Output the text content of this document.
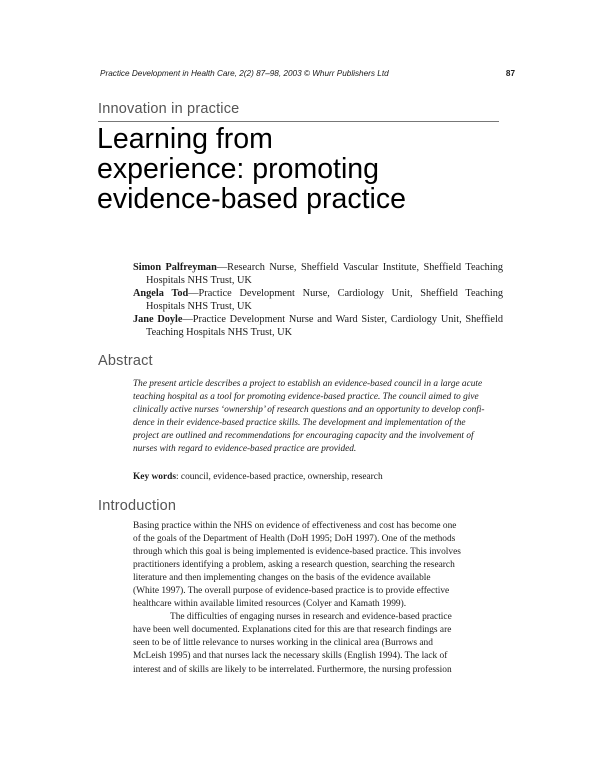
Practice Development in Health Care, 2(2) 87–98, 2003 © Whurr Publishers Ltd	87
Innovation in practice
Learning from
experience: promoting
evidence-based practice
Simon Palfreyman—Research Nurse, Sheffield Vascular Institute, Sheffield Teaching Hospitals NHS Trust, UK
Angela Tod—Practice Development Nurse, Cardiology Unit, Sheffield Teaching Hospitals NHS Trust, UK
Jane Doyle—Practice Development Nurse and Ward Sister, Cardiology Unit, Sheffield Teaching Hospitals NHS Trust, UK
Abstract
The present article describes a project to establish an evidence-based council in a large acute
teaching hospital as a tool for promoting evidence-based practice. The council aimed to give
clinically active nurses ‘ownership’ of research questions and an opportunity to develop confi-
dence in their evidence-based practice skills. The development and implementation of the
project are outlined and recommendations for encouraging capacity and the involvement of
nurses with regard to evidence-based practice are provided.
Key words: council, evidence-based practice, ownership, research
Introduction
Basing practice within the NHS on evidence of effectiveness and cost has become one
of the goals of the Department of Health (DoH 1995; DoH 1997). One of the methods
through which this goal is being implemented is evidence-based practice. This involves
practitioners identifying a problem, asking a research question, searching the research
literature and then implementing changes on the basis of the evidence available
(White 1997). The overall purpose of evidence-based practice is to provide effective
healthcare within available limited resources (Colyer and Kamath 1999).
The difficulties of engaging nurses in research and evidence-based practice
have been well documented. Explanations cited for this are that research findings are
seen to be of little relevance to nurses working in the clinical area (Burrows and
McLeish 1995) and that nurses lack the necessary skills (English 1994). The lack of
interest and of skills are likely to be interrelated. Furthermore, the nursing profession
